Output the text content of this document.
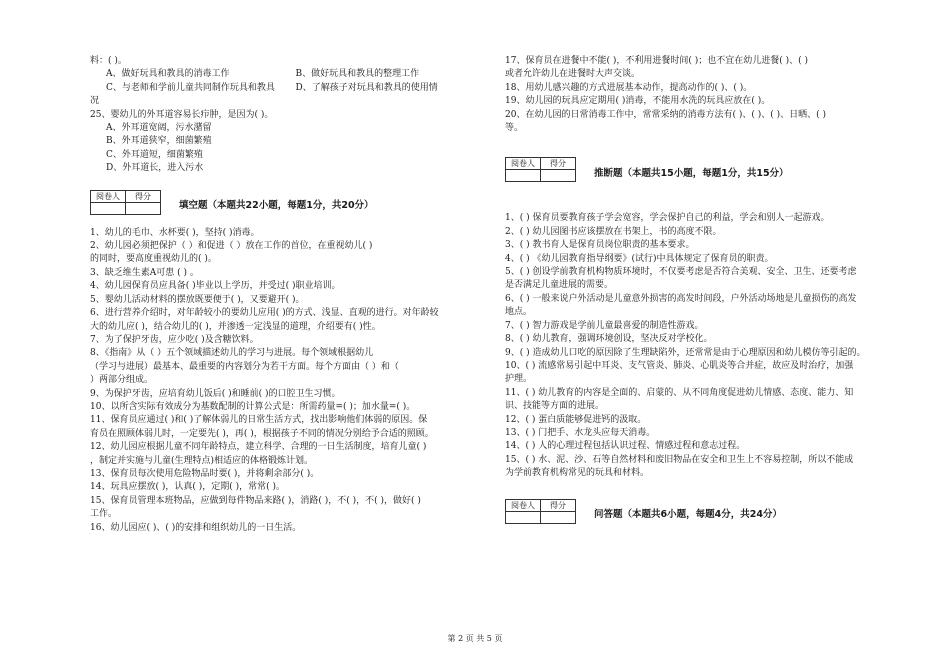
料：( )。
A、做好玩具和教具的消毒工作	B、做好玩具和教具的整理工作
C、与老师和学前儿童共同制作玩具和教具	D、了解孩子对玩具和教具的使用情
况
25、婴幼儿的外耳道容易长疖肿，是因为( )。
A、外耳道宽阔，污水潴留
B、外耳道狭窄，细菌繁殖
C、外耳道短，细菌繁殖
D、外耳道长，进入污水
阅卷人	得分

填空题（本题共22小题，每题1分，共20分）
1、幼儿的毛巾、水杯要( )，坚持( )消毒。
2、幼儿园必须把保护（ ）和促进（ ）放在工作的首位，在重视幼儿( )
的同时，要高度重视幼儿的( )。
3、缺乏维生素A可患 ( ) 。
4、幼儿园保育员应具备( )毕业以上学历，并受过( )职业培训。
5、婴幼儿活动材料的摆放既要便于( )，又要避开( )。
6、进行营养介绍时，对年龄较小的要幼儿应用( )的方式、浅显、直观的进行。对年龄较
大的幼儿应( )，结合幼儿的( )，并渗透一定浅显的道理，介绍要有( )性。
7、为了保护牙齿，应少吃( )及含糖饮料。
8、《指南》从（ ）五个领域描述幼儿的学习与进展。每个领域根据幼儿
（学习与进展）最基本、最重要的内容划分为若干方面。每个方面由（ ）和（
）两部分组成。
9、为保护牙齿，应培育幼儿饭后( )和睡前( )的口腔卫生习惯。
10、以所含实际有效成分为基数配制的计算公式是：所需药量=( )；加水量=( )。
11、保育员应通过( )和( )了解体弱儿的日常生活方式，找出影响他们体弱的原因。保
育员在照顾体弱儿时，一定要先( )，再( )，根据孩子不同的情况分别给予合适的照顾。
12、幼儿园应根据儿童不同年龄特点，建立科学、合理的一日生活制度，培育儿童( )
，制定并实施与儿童(生理特点)相适应的体格锻炼计划。
13、保育员每次使用危险物品时要( )，并将剩余部分( )。
14、玩具应摆放( )，认真( )，定期( )，常常( )。
15、保育员管理本班物品，应做到每件物品来路( )，消路( )，不( )，不( )，做好( )
工作。
16、幼儿园应( )、( )的安排和组织幼儿的一日生活。
17、保育员在进餐中不能( )，不利用进餐时间( )；也不宜在幼儿进餐( )、( )
或者允许幼儿在进餐时大声交谈。
18、用幼儿感兴趣的方式进展基本动作，提高动作的( )、( )。
19、幼儿园的玩具应定期用( )消毒，不能用水洗的玩具应放在( )。
20、在幼儿园的日常消毒工作中，常常采纳的消毒方法有( )、( )、( )、日晒、( )
等。
阅卷人	得分

推断题（本题共15小题，每题1分，共15分）
1、( ) 保育员要教育孩子学会宽容，学会保护自己的利益，学会和别人一起游戏。
2、( ) 幼儿园图书应该摆放在书架上，书的高度不限。
3、( ) 教书育人是保育员岗位职责的基本要求。
4、( ) 《幼儿园教育指导纲要》(试行)中具体规定了保育员的职责。
5、( ) 创设学前教育机构物质环境时，不仅要考虑是否符合美观、安全、卫生、还要考虑
是否满足儿童进展的需要。
6、( ) 一般来说户外活动是儿童意外损害的高发时间段，户外活动场地是儿童损伤的高发
地点。
7、( ) 智力游戏是学前儿童最喜爱的制造性游戏。
8、( ) 幼儿教育，强调环境创设，坚决反对学校化。
9、( ) 造成幼儿口吃的原因除了生理缺陷外，还常常是由于心理原因和幼儿模仿等引起的。
10、( ) 流感常易引起中耳炎、支气管炎、肺炎、心肌炎等合并症，故应及时治疗，加强
护理。
11、( ) 幼儿教育的内容是全面的、启蒙的、从不同角度促进幼儿情感、态度、能力、知
识、技能等方面的进展。
12、( ) 蛋白质能够促进钙的汲取。
13、( ) 门把手、水龙头应每天消毒。
14、( ) 人的心理过程包括认识过程、情感过程和意志过程。
15、( ) 水、泥、沙、石等自然材料和废旧物品在安全和卫生上不容易控制，所以不能成
为学前教育机构常见的玩具和材料。
阅卷人	得分

问答题（本题共6小题，每题4分，共24分）
第 2 页 共 5 页
